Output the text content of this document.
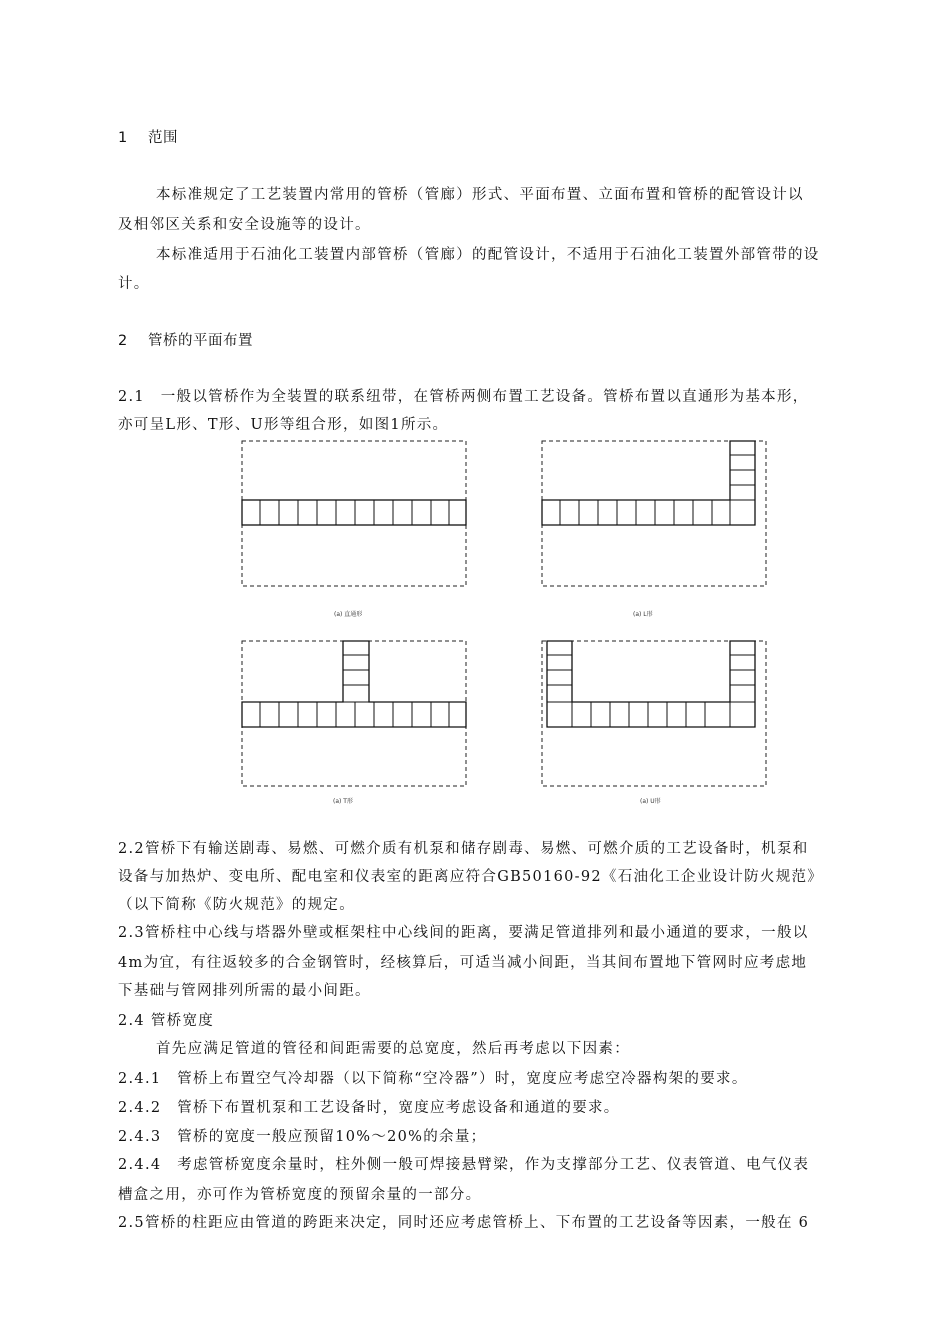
1 范围
本标准规定了工艺装置内常用的管桥（管廊）形式、平面布置、立面布置和管桥的配管设计以
及相邻区关系和安全设施等的设计。
本标准适用于石油化工装置内部管桥（管廊）的配管设计，不适用于石油化工装置外部管带的设
计。
2 管桥的平面布置
2.1　一般以管桥作为全装置的联系纽带，在管桥两侧布置工艺设备。管桥布置以直通形为基本形，
亦可呈L形、T形、U形等组合形，如图1所示。
(a) 直通形	(a) L形
(a) T形	(a) U形
2.2管桥下有输送剧毒、易燃、可燃介质有机泵和储存剧毒、易燃、可燃介质的工艺设备时，机泵和
设备与加热炉、变电所、配电室和仪表室的距离应符合GB50160-92《石油化工企业设计防火规范》
（以下简称《防火规范》的规定。
2.3管桥柱中心线与塔器外壁或框架柱中心线间的距离，要满足管道排列和最小通道的要求，一般以
4m为宜，有往返较多的合金钢管时，经核算后，可适当减小间距，当其间布置地下管网时应考虑地
下基础与管网排列所需的最小间距。
2.4 管桥宽度
首先应满足管道的管径和间距需要的总宽度，然后再考虑以下因素：
2.4.1　管桥上布置空气冷却器（以下简称“空冷器”）时，宽度应考虑空冷器构架的要求。
2.4.2　管桥下布置机泵和工艺设备时，宽度应考虑设备和通道的要求。
2.4.3　管桥的宽度一般应预留10%～20%的余量；
2.4.4　考虑管桥宽度余量时，柱外侧一般可焊接悬臂梁，作为支撑部分工艺、仪表管道、电气仪表
槽盒之用，亦可作为管桥宽度的预留余量的一部分。
2.5管桥的柱距应由管道的跨距来决定，同时还应考虑管桥上、下布置的工艺设备等因素，一般在 6
